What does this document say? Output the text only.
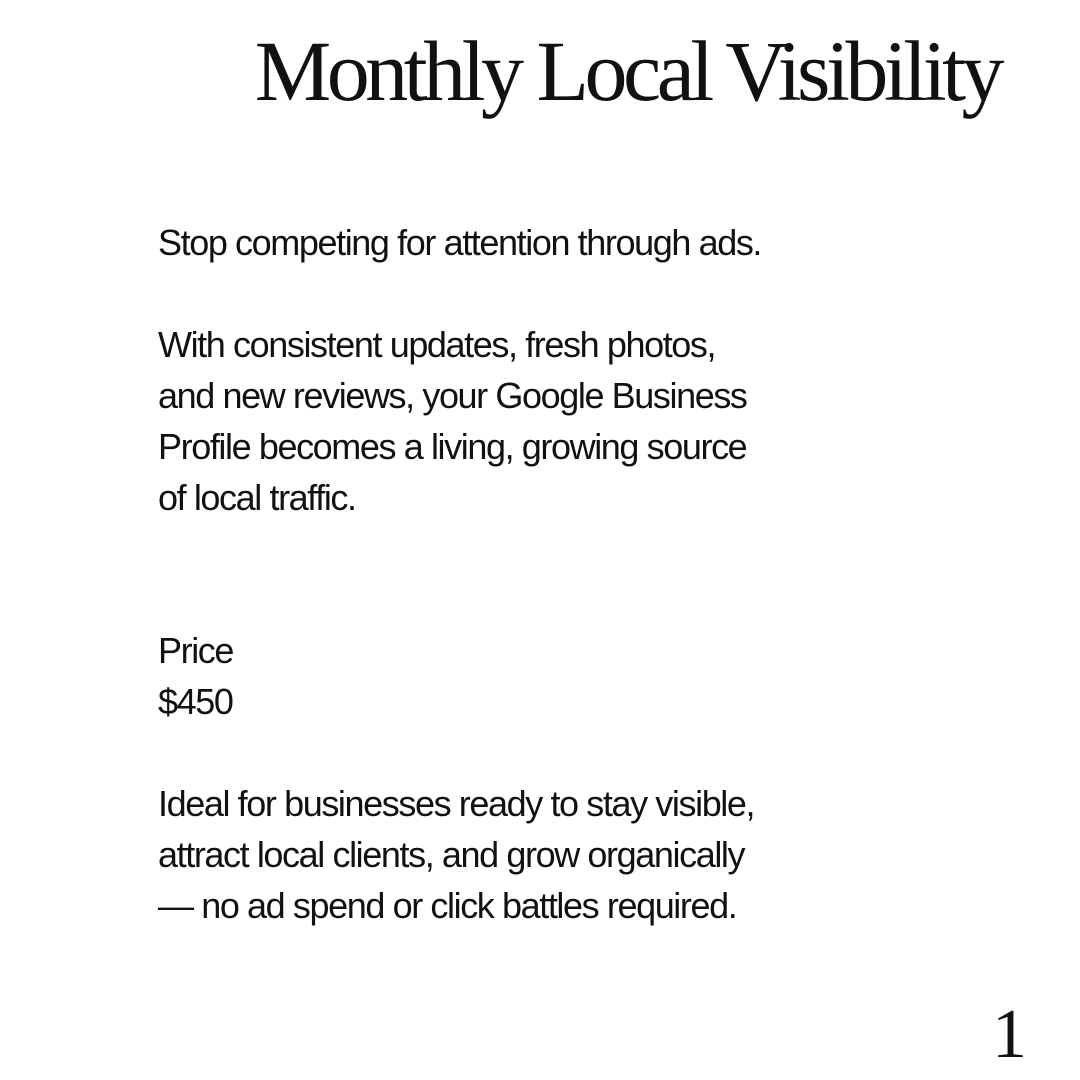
Monthly Local Visibility

Stop competing for attention through ads.

With consistent updates, fresh photos,
and new reviews, your Google Business
Profile becomes a living, growing source
of local traffic.

Price

$450

Ideal for businesses ready to stay visible,
attract local clients, and grow organically
— no ad spend or click battles required.

1
